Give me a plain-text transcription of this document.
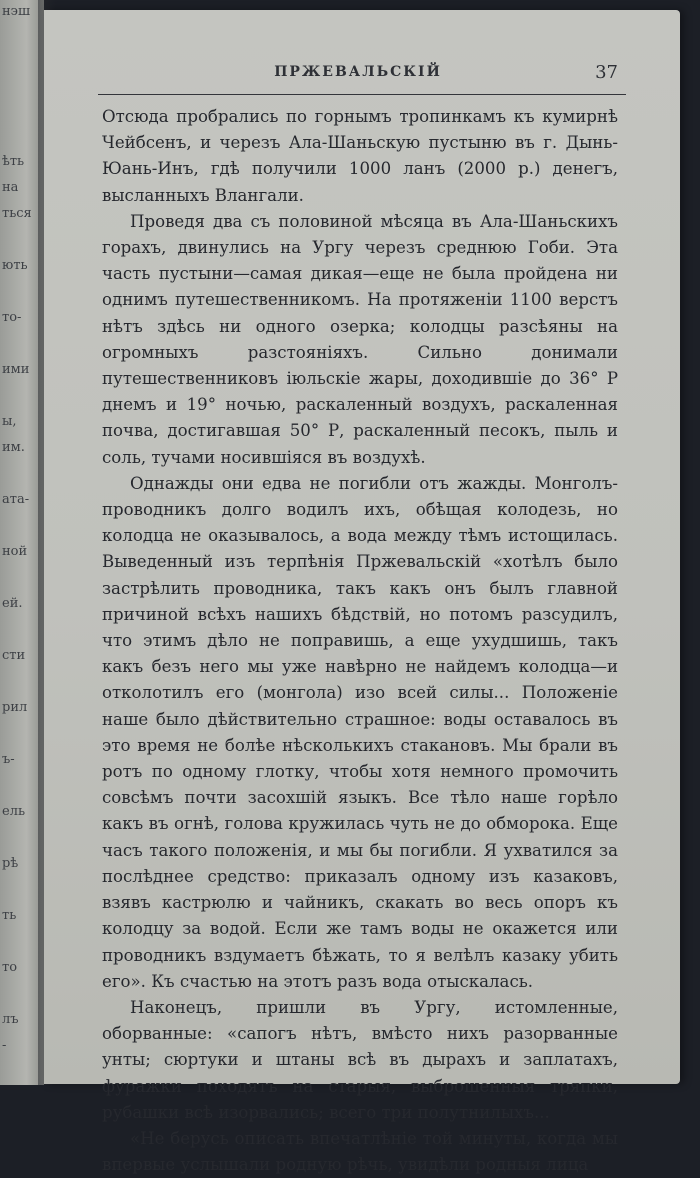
нэш
ѣть
на
ться
ють
то-
ими
ы,
им.
ата-
ной
ей.
сти
рил
ъ-
ель
рѣ
ть
то
лъ
-
ПРЖЕВАЛЬСКІЙ	37

Отсюда пробрались по горнымъ тропинкамъ къ кумирнѣ Чейбсенъ, и черезъ Ала-Шаньскую пустыню въ г. Дынь-Юань-Инъ, гдѣ получили 1000 ланъ (2000 р.) денегъ, высланныхъ Влангали.

Проведя два съ половиной мѣсяца въ Ала-Шаньскихъ горахъ, двинулись на Ургу черезъ среднюю Гоби. Эта часть пустыни—самая дикая—еще не была пройдена ни однимъ путешественникомъ. На протяженіи 1100 верстъ нѣтъ здѣсь ни одного озерка; колодцы разсѣяны на огромныхъ разстояніяхъ. Сильно донимали путешественниковъ іюльскіе жары, доходившіе до 36° Р днемъ и 19° ночью, раскаленный воздухъ, раскаленная почва, достигавшая 50° Р, раскаленный песокъ, пыль и соль, тучами носившіяся въ воздухѣ.

Однажды они едва не погибли отъ жажды. Монголъ-проводникъ долго водилъ ихъ, обѣщая колодезь, но колодца не оказывалось, а вода между тѣмъ истощилась. Выведенный изъ терпѣнія Пржевальскій «хотѣлъ было застрѣлить проводника, такъ какъ онъ былъ главной причиной всѣхъ нашихъ бѣдствій, но потомъ разсудилъ, что этимъ дѣло не поправишь, а еще ухудшишь, такъ какъ безъ него мы уже навѣрно не найдемъ колодца—и отколотилъ его (монгола) изо всей силы... Положеніе наше было дѣйствительно страшное: воды оставалось въ это время не болѣе нѣсколькихъ стакановъ. Мы брали въ ротъ по одному глотку, чтобы хотя немного промочить совсѣмъ почти засохшій языкъ. Все тѣло наше горѣло какъ въ огнѣ, голова кружилась чуть не до обморока. Еще часъ такого положенія, и мы бы погибли. Я ухватился за послѣднее средство: приказалъ одному изъ казаковъ, взявъ кастрюлю и чайникъ, скакать во весь опоръ къ колодцу за водой. Если же тамъ воды не окажется или проводникъ вздумаетъ бѣжать, то я велѣлъ казаку убить его». Къ счастью на этотъ разъ вода отыскалась.

Наконецъ, пришли въ Ургу, истомленные, оборванные: «сапогъ нѣтъ, вмѣсто нихъ разорванные унты; сюртуки и штаны всѣ въ дырахъ и заплатахъ, фуражки походятъ на старыя, выброшенныя тряпки, рубашки всѣ изорвались; всего три полутнилыхъ...

«Не берусь описать впечатлѣніе той минуты, когда мы впервые услышали родную рѣчь, увидѣли родныя лица
